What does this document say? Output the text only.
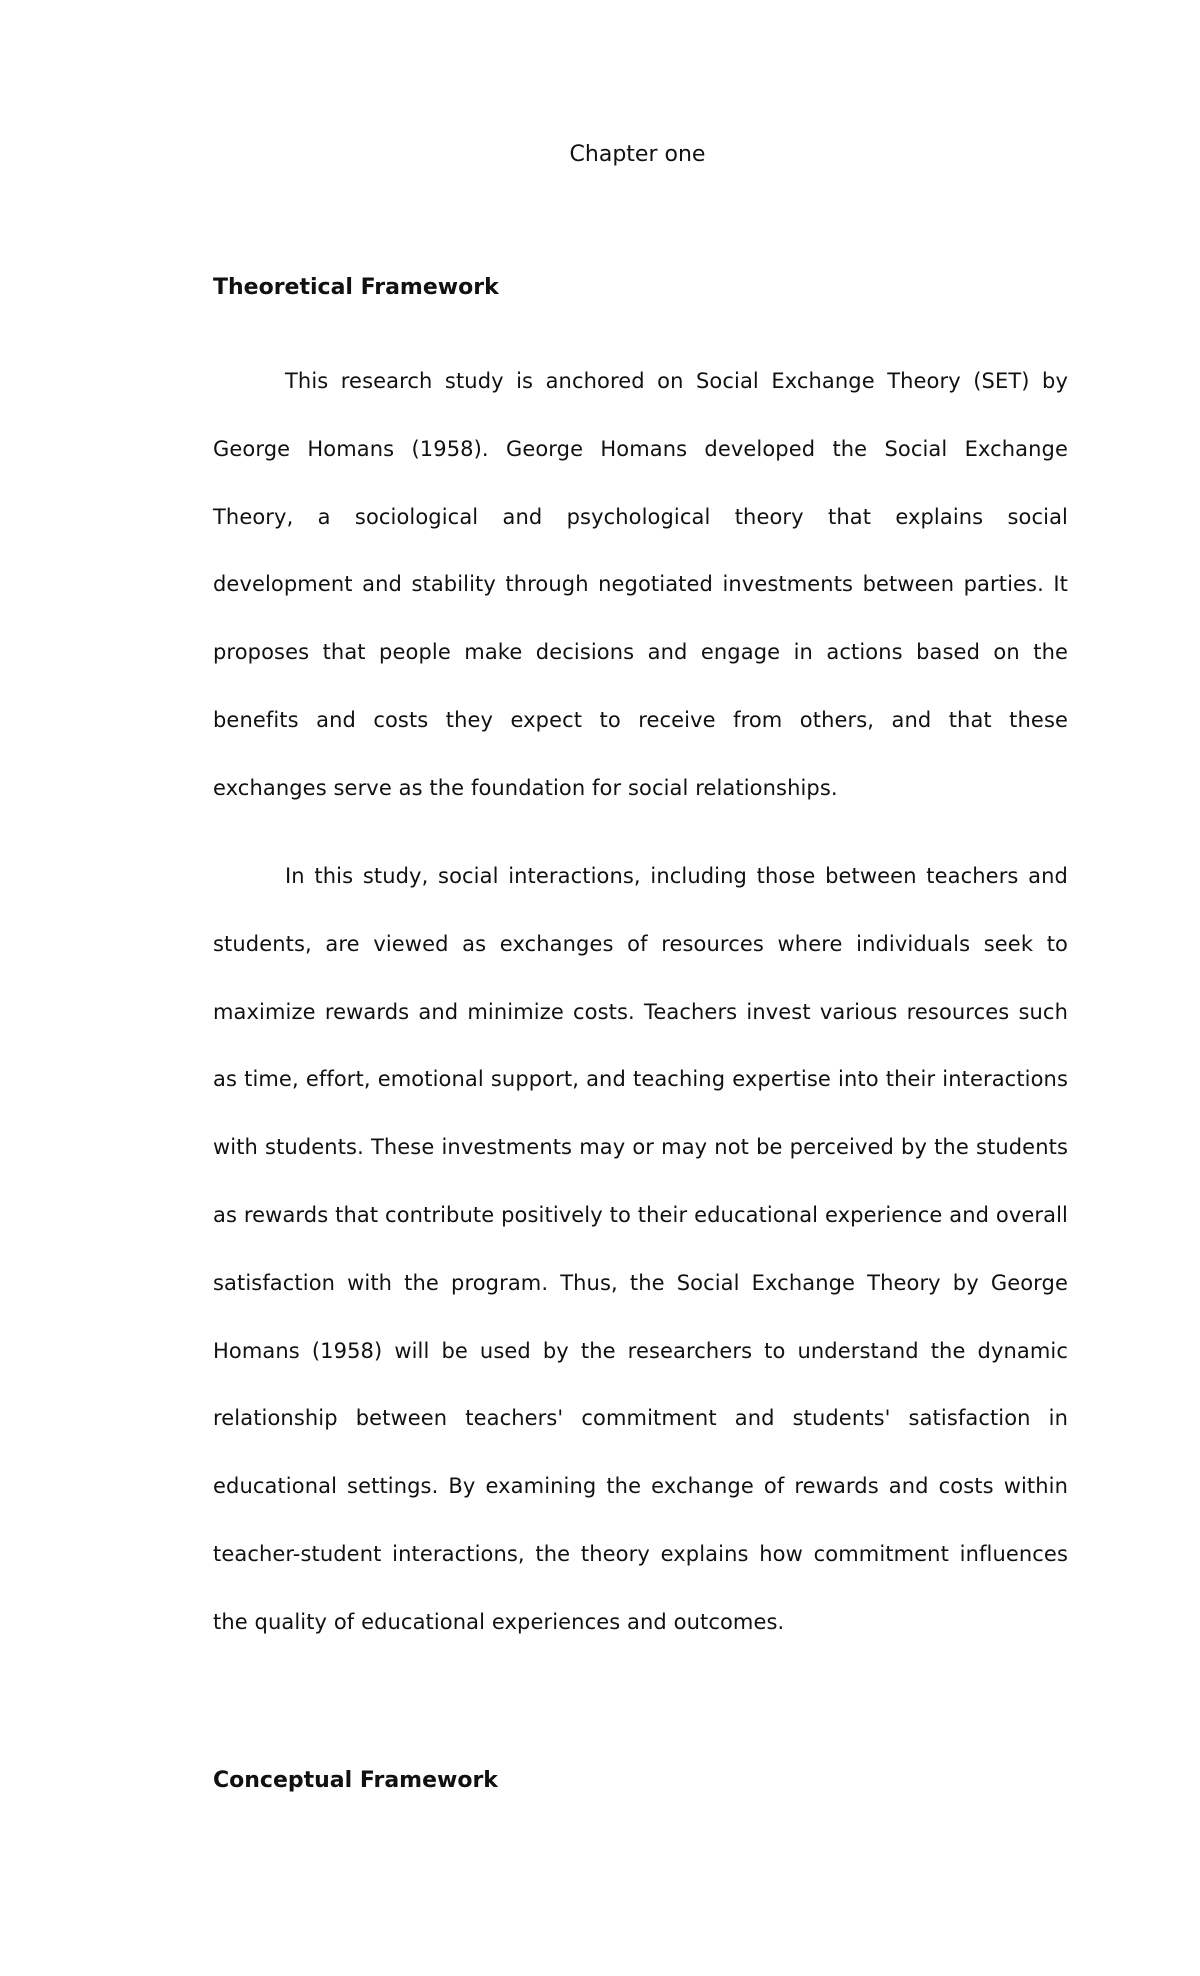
Chapter one
Theoretical Framework

This research study is anchored on Social Exchange Theory (SET) by George Homans (1958). George Homans developed the Social Exchange Theory, a sociological and psychological theory that explains social development and stability through negotiated investments between parties. It proposes that people make decisions and engage in actions based on the benefits and costs they expect to receive from others, and that these exchanges serve as the foundation for social relationships.

In this study, social interactions, including those between teachers and students, are viewed as exchanges of resources where individuals seek to maximize rewards and minimize costs. Teachers invest various resources such as time, effort, emotional support, and teaching expertise into their interactions with students. These investments may or may not be perceived by the students as rewards that contribute positively to their educational experience and overall satisfaction with the program. Thus, the Social Exchange Theory by George Homans (1958) will be used by the researchers to understand the dynamic relationship between teachers' commitment and students' satisfaction in educational settings. By examining the exchange of rewards and costs within teacher-student interactions, the theory explains how commitment influences the quality of educational experiences and outcomes.

Conceptual Framework
